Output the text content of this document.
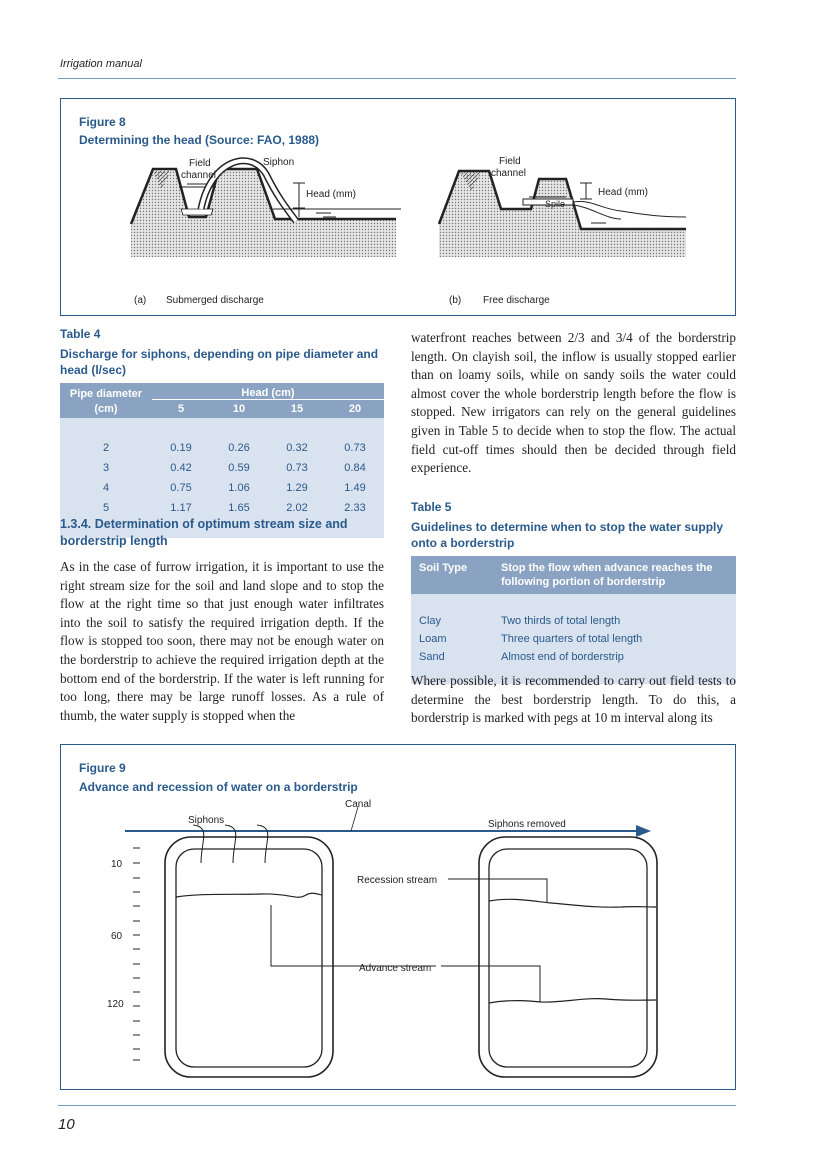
Irrigation manual
Figure 8
Determining the head (Source: FAO, 1988)
Field
channel
Siphon
Head (mm)
(a) Submerged discharge
Field
channel
Head (mm)
Spile
(b) Free discharge
Table 4
Discharge for siphons, depending on pipe diameter and head (l/sec)
Pipe diameter
(cm)	Head (cm)			
	5	10	15	20

2	0.19	0.26	0.32	0.73
3	0.42	0.59	0.73	0.84
4	0.75	1.06	1.29	1.49
5	1.17	1.65	2.02	2.33

1.3.4. Determination of optimum stream size and borderstrip length
As in the case of furrow irrigation, it is important to use the right stream size for the soil and land slope and to stop the flow at the right time so that just enough water infiltrates into the soil to satisfy the required irrigation depth. If the flow is stopped too soon, there may not be enough water on the borderstrip to achieve the required irrigation depth at the bottom end of the borderstrip. If the water is left running for too long, there may be large runoff losses. As a rule of thumb, the water supply is stopped when the
waterfront reaches between 2/3 and 3/4 of the borderstrip length. On clayish soil, the inflow is usually stopped earlier than on loamy soils, while on sandy soils the water could almost cover the whole borderstrip length before the flow is stopped. New irrigators can rely on the general guidelines given in Table 5 to decide when to stop the flow. The actual field cut-off times should then be decided through field experience.
Table 5
Guidelines to determine when to stop the water supply onto a borderstrip
Soil Type	Stop the flow when advance reaches the following portion of borderstrip

Clay	Two thirds of total length
Loam	Three quarters of total length
Sand	Almost end of borderstrip

Where possible, it is recommended to carry out field tests to determine the best borderstrip length. To do this, a borderstrip is marked with pegs at 10 m interval along its
Figure 9
Advance and recession of water on a borderstrip
Canal
Siphons	Siphons removed
10
60
120
Recession stream
Advance stream
10
